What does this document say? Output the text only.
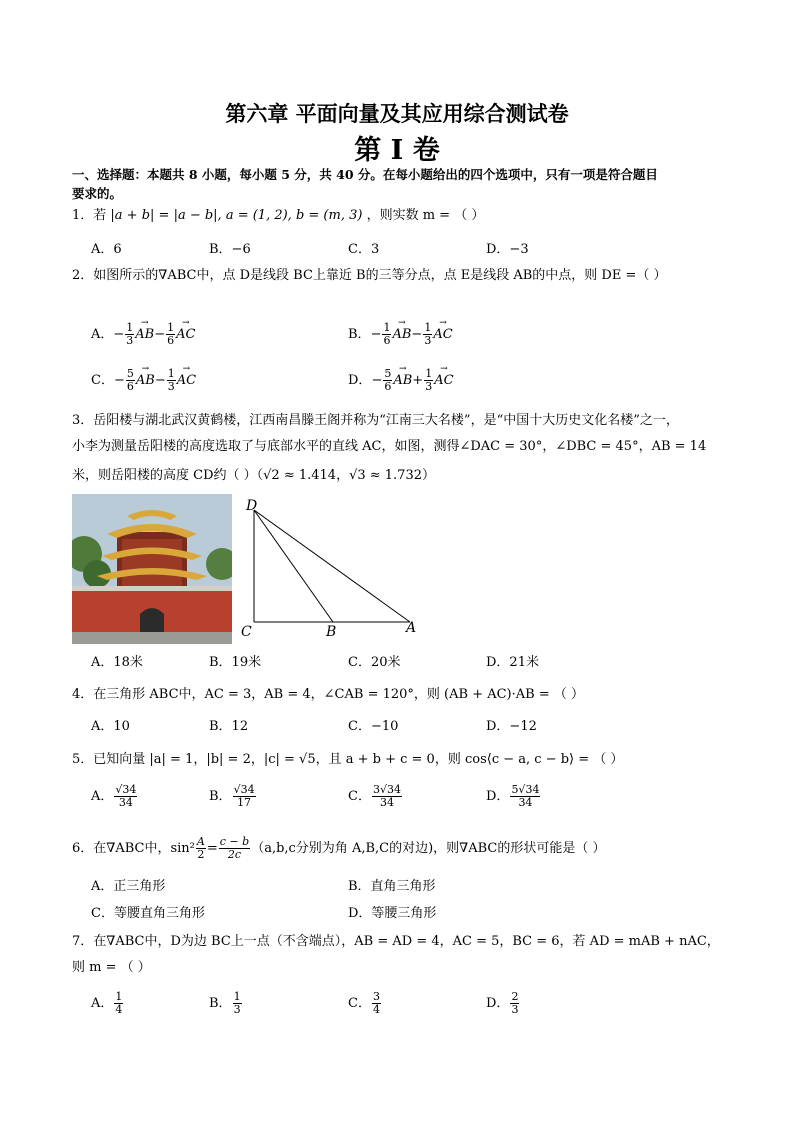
第六章 平面向量及其应用综合测试卷
第 I 卷
一、选择题：本题共 8 小题，每小题 5 分，共 40 分。在每小题给出的四个选项中，只有一项是符合题目
要求的。
1．若 |a + b| = |a − b|, a = (1, 2), b = (m, 3) ，则实数 m = （ ）
A．6	B．−6	C．3	D．−3
2．如图所示的∇ABC中，点 D是线段 BC上靠近 B的三等分点，点 E是线段 AB的中点，则 DE =（ ）
A．− $\frac{1}{3}$
→ $AB- \frac{1}{6}$
→ AC	B．− $\frac{1}{6}$
→ $AB- \frac{1}{3}$
→ AC
C．− $\frac{5}{6}$
→ $AB- \frac{1}{3}$
→ AC	D．− $\frac{5}{6}$
→ $AB+ \frac{1}{3}$
→ AC
3．岳阳楼与湖北武汉黄鹤楼，江西南昌滕王阁并称为“江南三大名楼”，是“中国十大历史文化名楼”之一，
小李为测量岳阳楼的高度选取了与底部水平的直线 AC，如图，测得∠DAC = 30°，∠DBC = 45°，AB = 14
米，则岳阳楼的高度 CD约（ ）（√2 ≈ 1.414，√3 ≈ 1.732）
D
C	B	A
A．18米	B．19米	C．20米	D．21米
4．在三角形 ABC中，AC = 3，AB = 4，∠CAB = 120°，则 (AB + AC)·AB = （ ）
A．10	B．12	C．−10	D．−12
5．已知向量 |a| = 1，|b| = 2，|c| = √5，且 a + b + c = 0，则 cos⟨c − a, c − b⟩ = （ ）
A． $\frac{√34}{34}$	B． $\frac{√34}{17}$	C． $\frac{3√34}{34}$	D． $\frac{5√34}{34}$
6．在∇ABC中，$\sin^2 \frac{A}{2} = \frac{c - b}{2c} (a,b,c$分别为角 A,B,C的对边)，则∇ABC的形状可能是（ ）
A．正三角形	B．直角三角形
C．等腰直角三角形	D．等腰三角形
7．在∇ABC中，D为边 BC上一点（不含端点），AB = AD = 4，AC = 5，BC = 6，若 AD = mAB + nAC，
则 m = （ ）
A． $\frac{1}{4}$	B． $\frac{1}{3}$	C． $\frac{3}{4}$	D． $\frac{2}{3}$
